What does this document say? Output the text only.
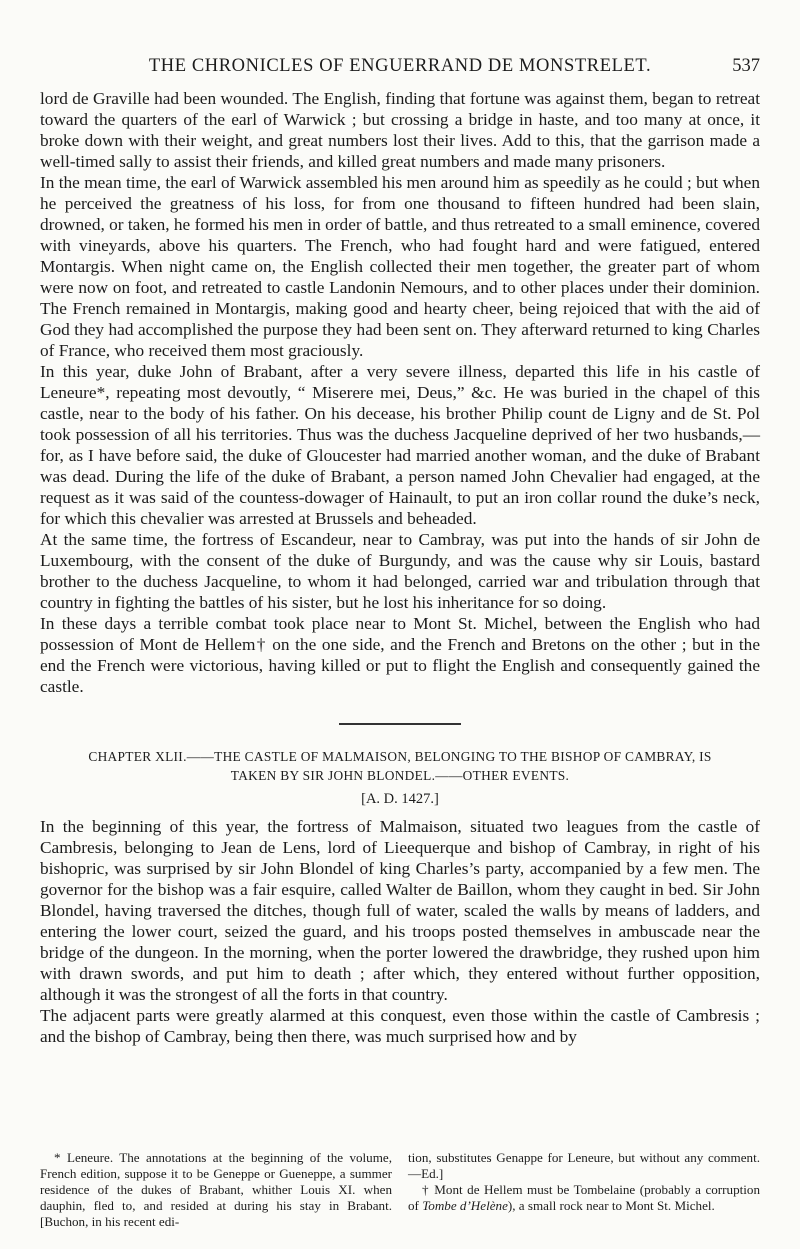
THE CHRONICLES OF ENGUERRAND DE MONSTRELET.	537

lord de Graville had been wounded. The English, finding that fortune was against them, began to retreat toward the quarters of the earl of Warwick ; but crossing a bridge in haste, and too many at once, it broke down with their weight, and great numbers lost their lives. Add to this, that the garrison made a well-timed sally to assist their friends, and killed great numbers and made many prisoners.

In the mean time, the earl of Warwick assembled his men around him as speedily as he could ; but when he perceived the greatness of his loss, for from one thousand to fifteen hundred had been slain, drowned, or taken, he formed his men in order of battle, and thus retreated to a small eminence, covered with vineyards, above his quarters. The French, who had fought hard and were fatigued, entered Montargis. When night came on, the English collected their men together, the greater part of whom were now on foot, and retreated to castle Landonin Nemours, and to other places under their dominion. The French remained in Montargis, making good and hearty cheer, being rejoiced that with the aid of God they had accomplished the purpose they had been sent on. They afterward returned to king Charles of France, who received them most graciously.

In this year, duke John of Brabant, after a very severe illness, departed this life in his castle of Leneure*, repeating most devoutly, “ Miserere mei, Deus,” &c. He was buried in the chapel of this castle, near to the body of his father. On his decease, his brother Philip count de Ligny and de St. Pol took possession of all his territories. Thus was the duchess Jacqueline deprived of her two husbands,—for, as I have before said, the duke of Gloucester had married another woman, and the duke of Brabant was dead. During the life of the duke of Brabant, a person named John Chevalier had engaged, at the request as it was said of the countess-dowager of Hainault, to put an iron collar round the duke’s neck, for which this chevalier was arrested at Brussels and beheaded.

At the same time, the fortress of Escandeur, near to Cambray, was put into the hands of sir John de Luxembourg, with the consent of the duke of Burgundy, and was the cause why sir Louis, bastard brother to the duchess Jacqueline, to whom it had belonged, carried war and tribulation through that country in fighting the battles of his sister, but he lost his inheritance for so doing.

In these days a terrible combat took place near to Mont St. Michel, between the English who had possession of Mont de Hellem† on the one side, and the French and Bretons on the other ; but in the end the French were victorious, having killed or put to flight the English and consequently gained the castle.

CHAPTER XLII.——THE CASTLE OF MALMAISON, BELONGING TO THE BISHOP OF CAMBRAY, IS
TAKEN BY SIR JOHN BLONDEL.——OTHER EVENTS.
[A. D. 1427.]

In the beginning of this year, the fortress of Malmaison, situated two leagues from the castle of Cambresis, belonging to Jean de Lens, lord of Lieequerque and bishop of Cambray, in right of his bishopric, was surprised by sir John Blondel of king Charles’s party, accompanied by a few men. The governor for the bishop was a fair esquire, called Walter de Baillon, whom they caught in bed. Sir John Blondel, having traversed the ditches, though full of water, scaled the walls by means of ladders, and entering the lower court, seized the guard, and his troops posted themselves in ambuscade near the bridge of the dungeon. In the morning, when the porter lowered the drawbridge, they rushed upon him with drawn swords, and put him to death ; after which, they entered without further opposition, although it was the strongest of all the forts in that country.

The adjacent parts were greatly alarmed at this conquest, even those within the castle of Cambresis ; and the bishop of Cambray, being then there, was much surprised how and by

* Leneure. The annotations at the beginning of the volume, French edition, suppose it to be Geneppe or Gueneppe, a summer residence of the dukes of Brabant, whither Louis XI. when dauphin, fled to, and resided at during his stay in Brabant. [Buchon, in his recent edi-

tion, substitutes Genappe for Leneure, but without any comment.—Ed.]

† Mont de Hellem must be Tombelaine (probably a corruption of Tombe d’Helène), a small rock near to Mont St. Michel.
